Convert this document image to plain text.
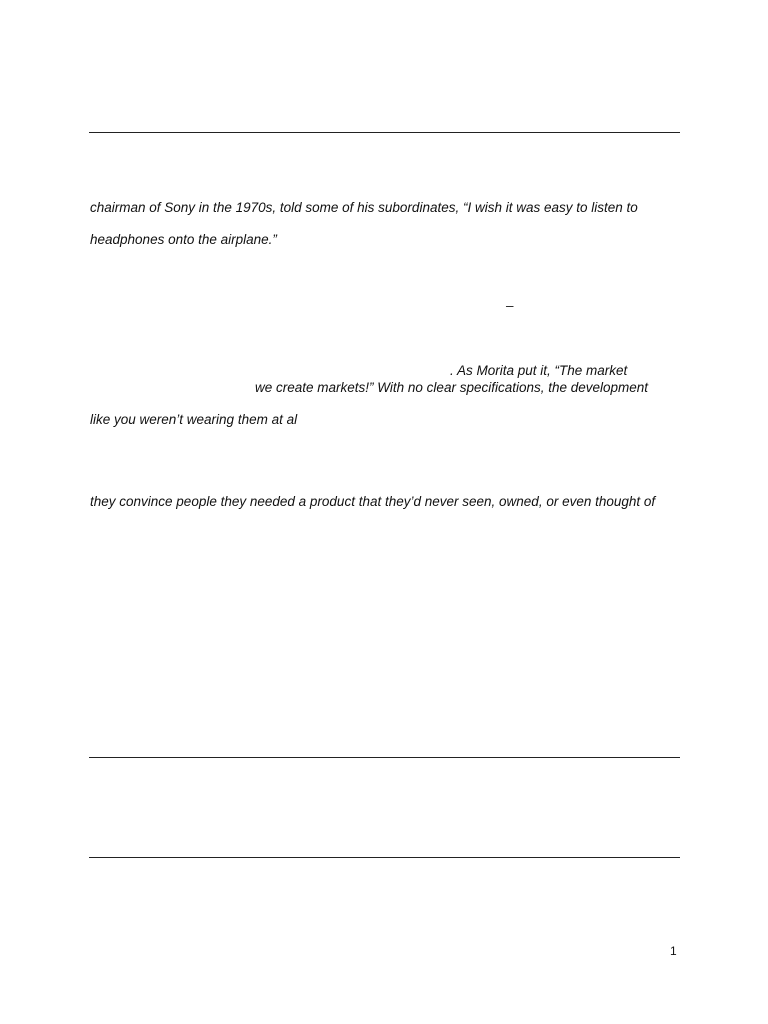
chairman of Sony in the 1970s, told some of his subordinates, “I wish it was easy to listen to
headphones onto the airplane.”
–
. As Morita put it, “The market
we create markets!” With no clear specifications, the development
like you weren’t wearing them at al
they convince people they needed a product that they’d never seen, owned, or even thought of
1
